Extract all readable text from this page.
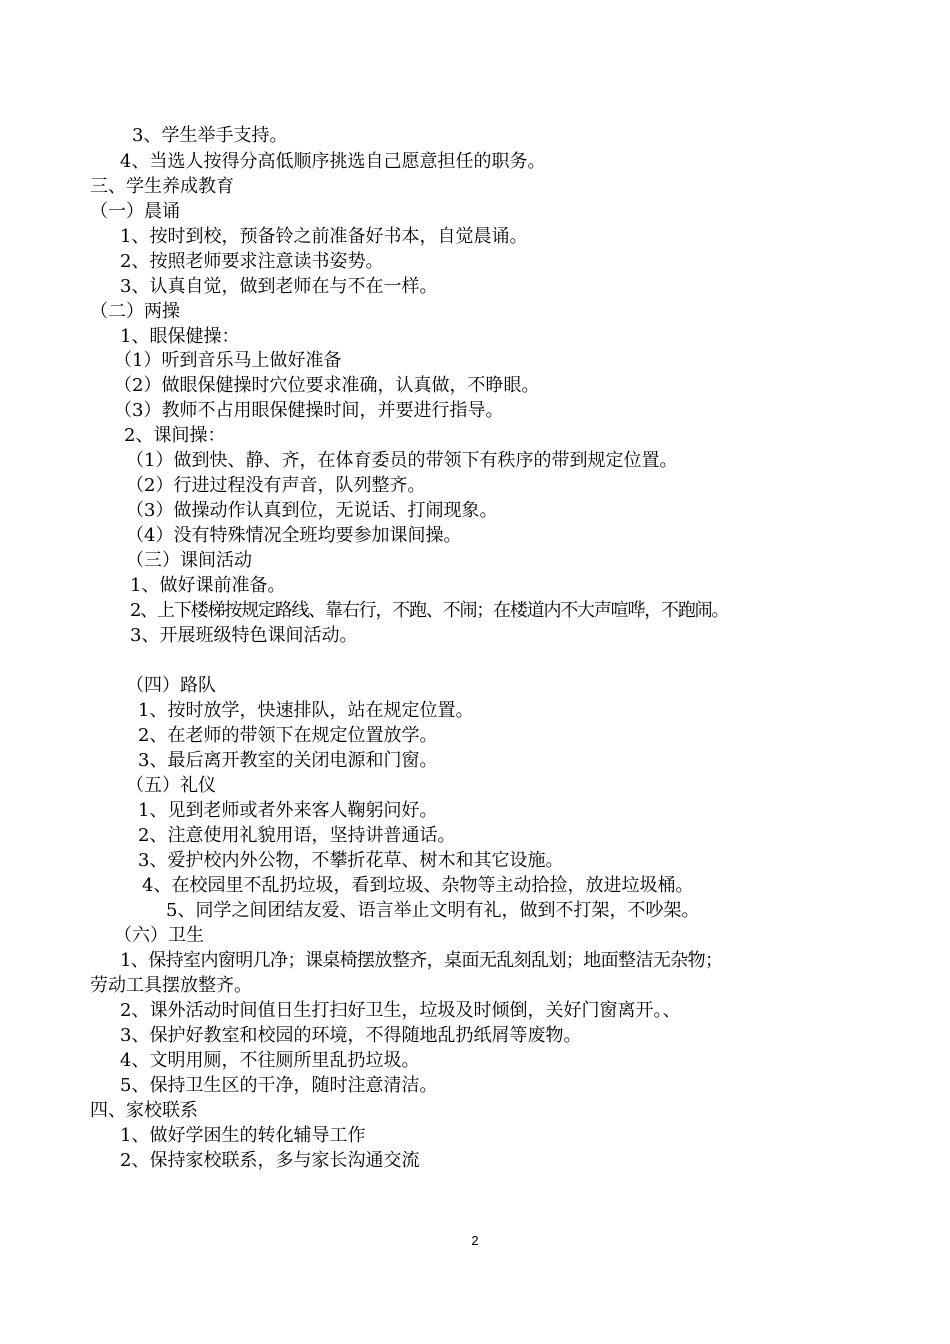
3、学生举手支持。
4、当选人按得分高低顺序挑选自己愿意担任的职务。
三、学生养成教育
（一）晨诵
1、按时到校，预备铃之前准备好书本，自觉晨诵。
2、按照老师要求注意读书姿势。
3、认真自觉，做到老师在与不在一样。
（二）两操
1、眼保健操：
（1）听到音乐马上做好准备
（2）做眼保健操时穴位要求准确，认真做，不睁眼。
（3）教师不占用眼保健操时间，并要进行指导。
2、课间操：
（1）做到快、静、齐，在体育委员的带领下有秩序的带到规定位置。
（2）行进过程没有声音，队列整齐。
（3）做操动作认真到位，无说话、打闹现象。
（4）没有特殊情况全班均要参加课间操。
（三）课间活动
1、做好课前准备。
2、上下楼梯按规定路线、靠右行，不跑、不闹；在楼道内不大声喧哗，不跑闹。
3、开展班级特色课间活动。
（四）路队
1、按时放学，快速排队，站在规定位置。
2、在老师的带领下在规定位置放学。
3、最后离开教室的关闭电源和门窗。
（五）礼仪
1、见到老师或者外来客人鞠躬问好。
2、注意使用礼貌用语，坚持讲普通话。
3、爱护校内外公物，不攀折花草、树木和其它设施。
4、在校园里不乱扔垃圾，看到垃圾、杂物等主动拾捡，放进垃圾桶。
5、同学之间团结友爱、语言举止文明有礼，做到不打架，不吵架。
（六）卫生
1、保持室内窗明几净；课桌椅摆放整齐，桌面无乱刻乱划；地面整洁无杂物；
劳动工具摆放整齐。
2、课外活动时间值日生打扫好卫生，垃圾及时倾倒，关好门窗离开。、
3、保护好教室和校园的环境，不得随地乱扔纸屑等废物。
4、文明用厕，不往厕所里乱扔垃圾。
5、保持卫生区的干净，随时注意清洁。
四、家校联系
1、做好学困生的转化辅导工作
2、保持家校联系，多与家长沟通交流
2
